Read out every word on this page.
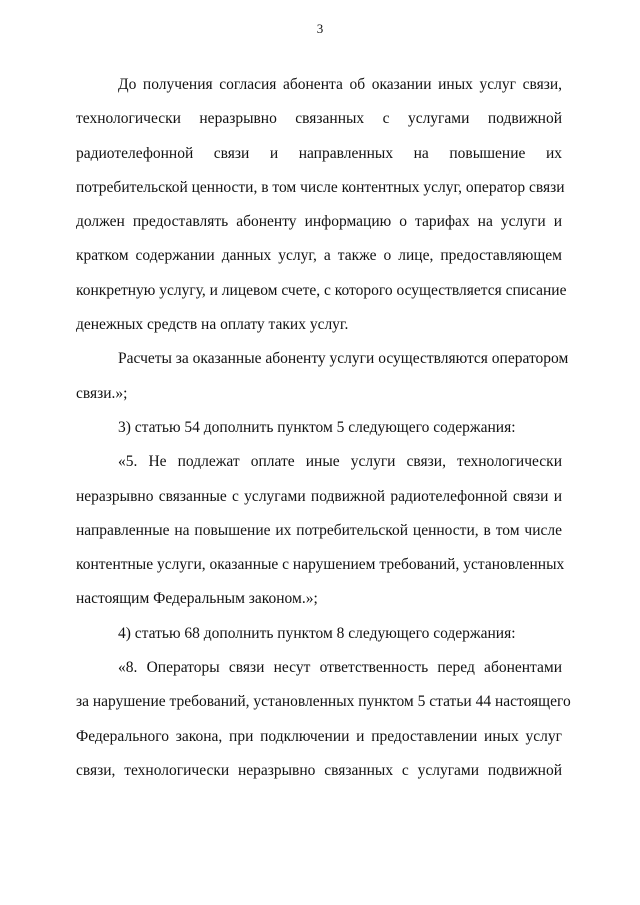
3
До получения согласия абонента об оказании иных услуг связи,
технологически неразрывно связанных с услугами подвижной
радиотелефонной связи и направленных на повышение их
потребительской ценности, в том числе контентных услуг, оператор связи
должен предоставлять абоненту информацию о тарифах на услуги и
кратком содержании данных услуг, а также о лице, предоставляющем
конкретную услугу, и лицевом счете, с которого осуществляется списание
денежных средств на оплату таких услуг.
Расчеты за оказанные абоненту услуги осуществляются оператором
связи.»;
3) статью 54 дополнить пунктом 5 следующего содержания:
«5. Не подлежат оплате иные услуги связи, технологически
неразрывно связанные с услугами подвижной радиотелефонной связи и
направленные на повышение их потребительской ценности, в том числе
контентные услуги, оказанные с нарушением требований, установленных
настоящим Федеральным законом.»;
4) статью 68 дополнить пунктом 8 следующего содержания:
«8. Операторы связи несут ответственность перед абонентами
за нарушение требований, установленных пунктом 5 статьи 44 настоящего
Федерального закона, при подключении и предоставлении иных услуг
связи, технологически неразрывно связанных с услугами подвижной
